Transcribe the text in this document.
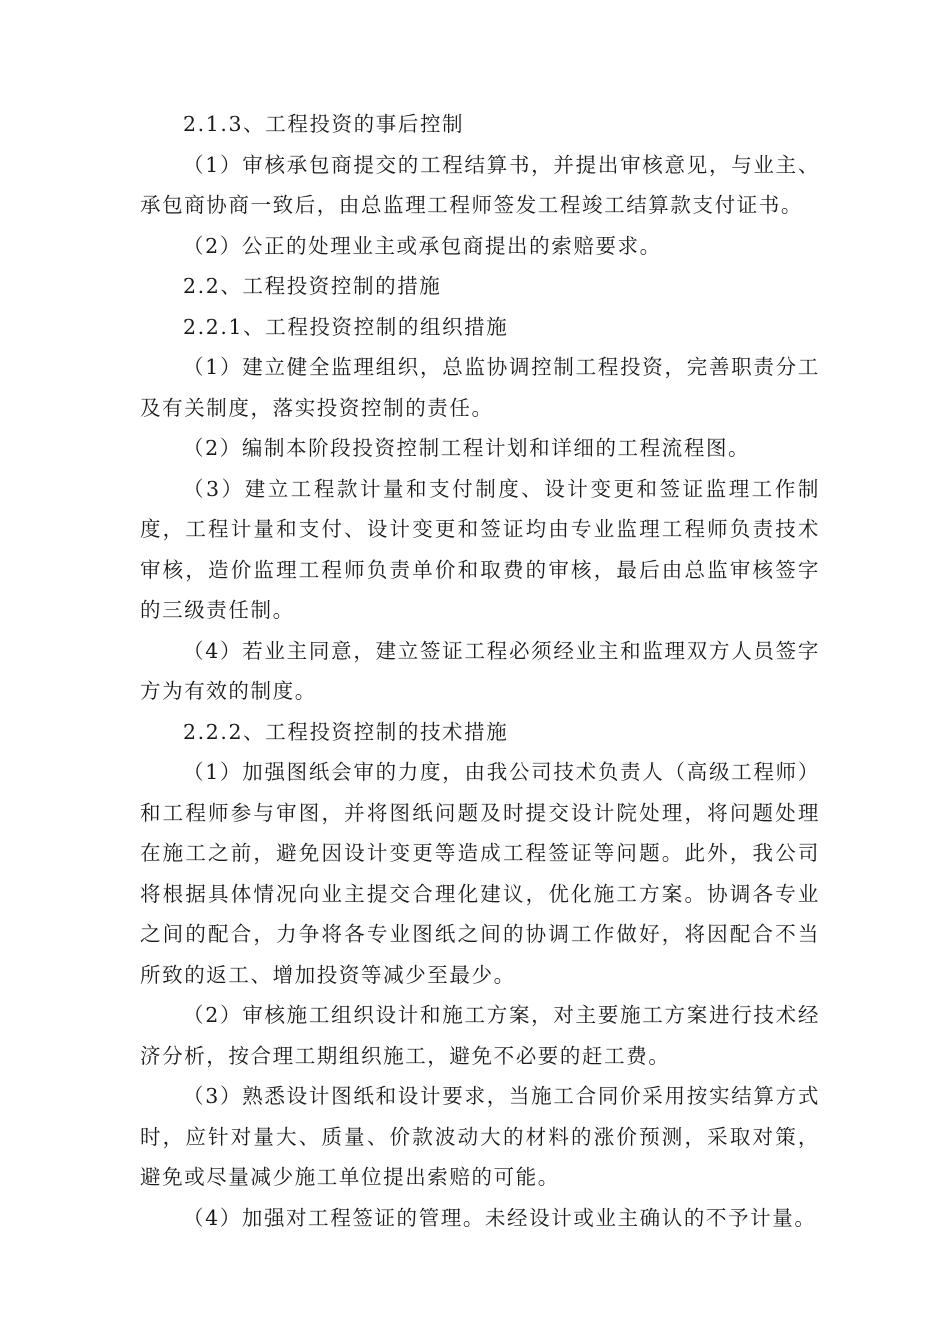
2.1.3、工程投资的事后控制

（1）审核承包商提交的工程结算书，并提出审核意见，与业主、承包商协商一致后，由总监理工程师签发工程竣工结算款支付证书。

（2）公正的处理业主或承包商提出的索赔要求。

2.2、工程投资控制的措施

2.2.1、工程投资控制的组织措施

（1）建立健全监理组织，总监协调控制工程投资，完善职责分工及有关制度，落实投资控制的责任。

（2）编制本阶段投资控制工程计划和详细的工程流程图。

（3）建立工程款计量和支付制度、设计变更和签证监理工作制度，工程计量和支付、设计变更和签证均由专业监理工程师负责技术审核，造价监理工程师负责单价和取费的审核，最后由总监审核签字的三级责任制。

（4）若业主同意，建立签证工程必须经业主和监理双方人员签字方为有效的制度。

2.2.2、工程投资控制的技术措施

（1）加强图纸会审的力度，由我公司技术负责人（高级工程师）和工程师参与审图，并将图纸问题及时提交设计院处理，将问题处理在施工之前，避免因设计变更等造成工程签证等问题。此外，我公司将根据具体情况向业主提交合理化建议，优化施工方案。协调各专业之间的配合，力争将各专业图纸之间的协调工作做好，将因配合不当所致的返工、增加投资等减少至最少。

（2）审核施工组织设计和施工方案，对主要施工方案进行技术经济分析，按合理工期组织施工，避免不必要的赶工费。

（3）熟悉设计图纸和设计要求，当施工合同价采用按实结算方式时，应针对量大、质量、价款波动大的材料的涨价预测，采取对策，避免或尽量减少施工单位提出索赔的可能。

（4）加强对工程签证的管理。未经设计或业主确认的不予计量。
